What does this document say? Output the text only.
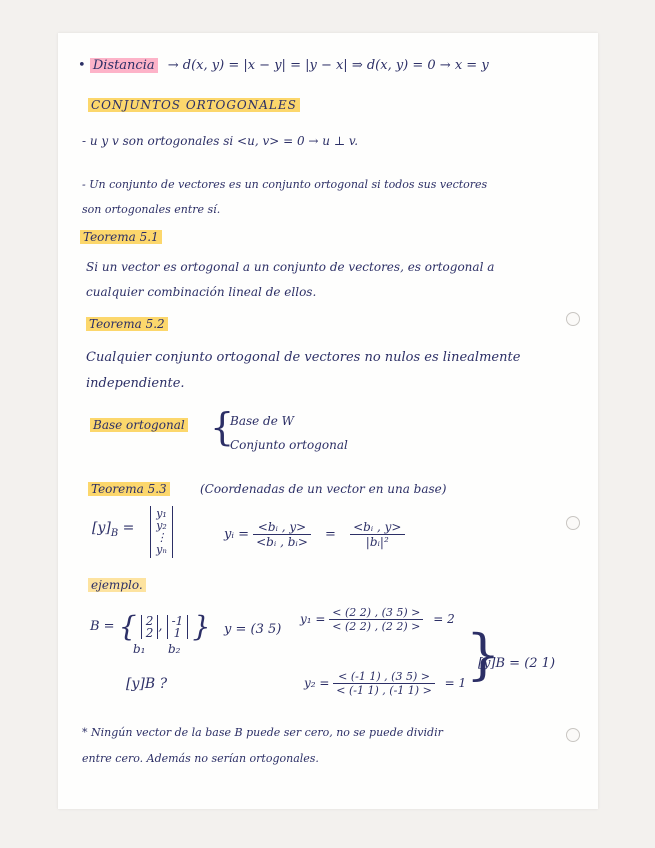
• Distancia → d(x, y) = |x − y| = |y − x| ⇒ d(x, y) = 0 → x = y
CONJUNTOS ORTOGONALES
- u y v son ortogonales si <u, v> = 0 → u ⊥ v.
- Un conjunto de vectores es un conjunto ortogonal si todos sus vectores
son ortogonales entre sí.
Teorema 5.1
Si un vector es ortogonal a un conjunto de vectores, es ortogonal a
cualquier combinación lineal de ellos.
Teorema 5.2
Cualquier conjunto ortogonal de vectores no nulos es linealmente
independiente.
Base ortogonal {
Base de W
Conjunto ortogonal
Teorema 5.3	(Coordenadas de un vector en una base)
$[y]_B$ =
y₁
y₂
⋮
yₙ
yᵢ = $\frac{\text{<bᵢ , y>}}{\text{<bᵢ , bᵢ>}} = \frac{\text{<bᵢ , y>}}{\text{|bᵢ|²}}$
ejemplo.
B = { 2
2 , -1
1 }
b₁ b₂
y = (3 5)
[y]B ?
$y_1 = \frac{< (2 2) , (3 5) >}{< (2 2) , (2 2) >} = 2$
$y_2 = \frac{< (-1 1) , (3 5) >}{< (-1 1) , (-1 1) >} = 1$ }
[y]B = (2 1)
* Ningún vector de la base B puede ser cero, no se puede dividir
entre cero. Además no serían ortogonales.
